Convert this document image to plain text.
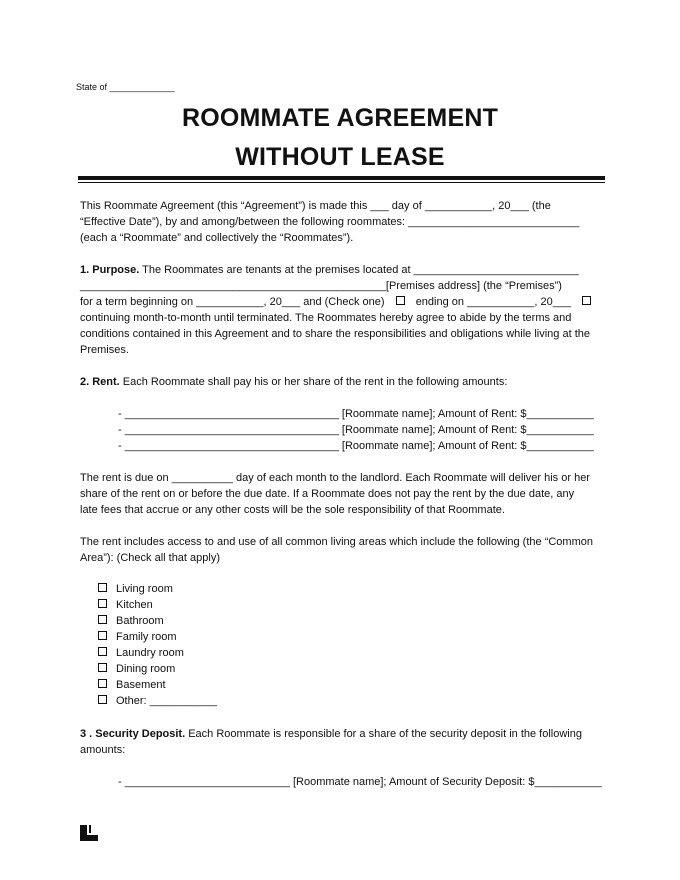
State of _____________
ROOMMATE AGREEMENT
WITHOUT LEASE

This Roommate Agreement (this “Agreement”) is made this ___ day of ___________, 20___ (the

“Effective Date”), by and among/between the following roommates: ____________________________

(each a “Roommate” and collectively the “Roommates”).

1. Purpose. The Roommates are tenants at the premises located at ___________________________

__________________________________________________[Premises address] (the “Premises”)

for a term beginning on ___________, 20___ and (Check one)	ending on ___________, 20___

continuing month-to-month until terminated. The Roommates hereby agree to abide by the terms and

conditions contained in this Agreement and to share the responsibilities and obligations while living at the

Premises.

2. Rent. Each Roommate shall pay his or her share of the rent in the following amounts:

- ___________________________________ [Roommate name]; Amount of Rent: $___________
- ___________________________________ [Roommate name]; Amount of Rent: $___________
- ___________________________________ [Roommate name]; Amount of Rent: $___________

The rent is due on __________ day of each month to the landlord. Each Roommate will deliver his or her

share of the rent on or before the due date. If a Roommate does not pay the rent by the due date, any

late fees that accrue or any other costs will be the sole responsibility of that Roommate.

The rent includes access to and use of all common living areas which include the following (the “Common

Area”): (Check all that apply)

Living room
Kitchen
Bathroom
Family room
Laundry room
Dining room
Basement
Other: ___________

3 . Security Deposit. Each Roommate is responsible for a share of the security deposit in the following

amounts:

- ___________________________ [Roommate name]; Amount of Security Deposit: $___________
